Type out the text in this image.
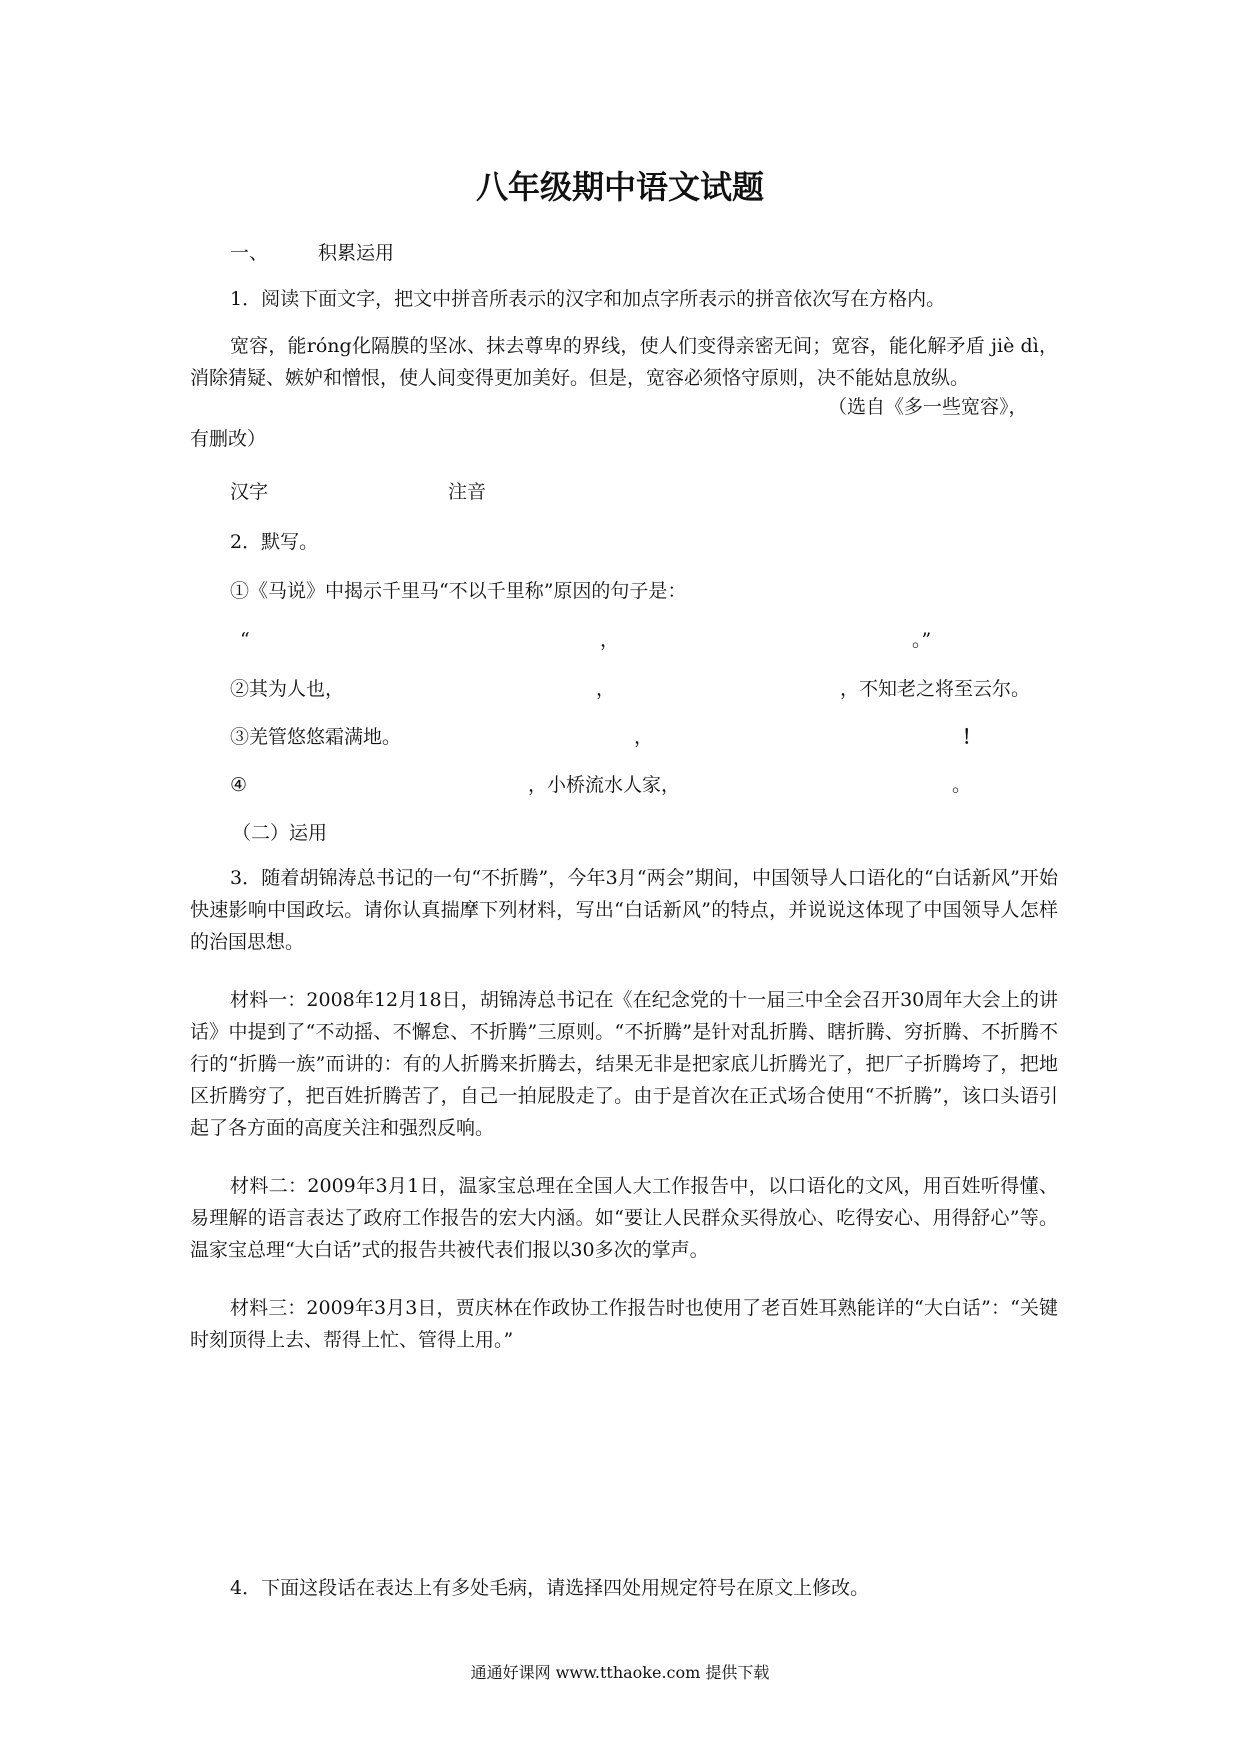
八年级期中语文试题
一、	积累运用
1．阅读下面文字，把文中拼音所表示的汉字和加点字所表示的拼音依次写在方格内。
宽容，能róng化隔膜的坚冰、抹去尊卑的界线，使人们变得亲密无间；宽容，能化解矛盾 jiè dì，消除猜疑、嫉妒和憎恨，使人间变得更加美好。但是，宽容必须恪守原则，决不能姑息放纵。
（选自《多一些宽容》，
有删改）
汉字	注音
2．默写。
①《马说》中揭示千里马“不以千里称”原因的句子是：
“	，	。”
②其为人也，	，	，不知老之将至云尔。
③羌管悠悠霜满地。	，	！
④	，小桥流水人家，	。
（二）运用
3．随着胡锦涛总书记的一句“不折腾”，今年3月“两会”期间，中国领导人口语化的“白话新风”开始快速影响中国政坛。请你认真揣摩下列材料，写出“白话新风”的特点，并说说这体现了中国领导人怎样的治国思想。
材料一：2008年12月18日，胡锦涛总书记在《在纪念党的十一届三中全会召开30周年大会上的讲话》中提到了“不动摇、不懈怠、不折腾”三原则。“不折腾”是针对乱折腾、瞎折腾、穷折腾、不折腾不行的“折腾一族”而讲的：有的人折腾来折腾去，结果无非是把家底儿折腾光了，把厂子折腾垮了，把地区折腾穷了，把百姓折腾苦了，自己一拍屁股走了。由于是首次在正式场合使用“不折腾”，该口头语引起了各方面的高度关注和强烈反响。
材料二：2009年3月1日，温家宝总理在全国人大工作报告中，以口语化的文风，用百姓听得懂、易理解的语言表达了政府工作报告的宏大内涵。如“要让人民群众买得放心、吃得安心、用得舒心”等。温家宝总理“大白话”式的报告共被代表们报以30多次的掌声。
材料三：2009年3月3日，贾庆林在作政协工作报告时也使用了老百姓耳熟能详的“大白话”：“关键时刻顶得上去、帮得上忙、管得上用。”
4．下面这段话在表达上有多处毛病，请选择四处用规定符号在原文上修改。
通通好课网 www.tthaoke.com 提供下载
